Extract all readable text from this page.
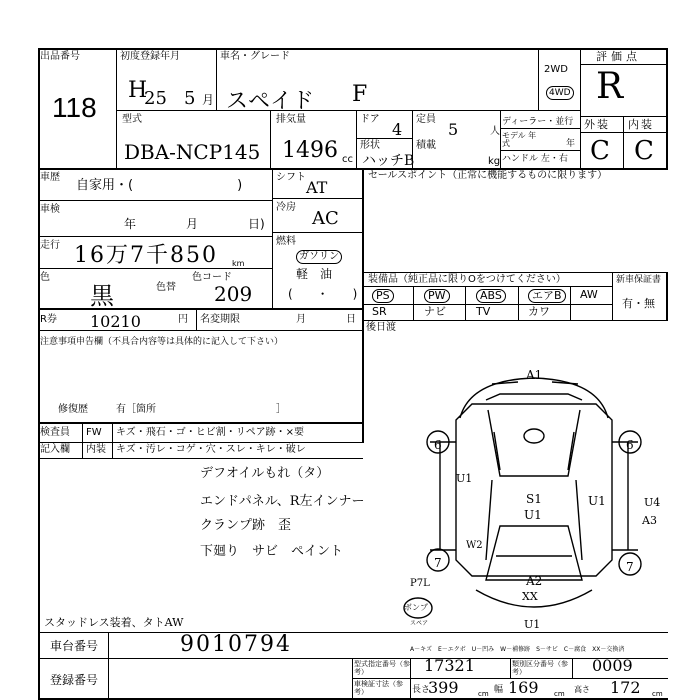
出品番号
118
初度登録年月
H
25 5 月
車名・グレード
スペイド F
2WD
4WD
評価点
R
型式
DBA-NCP145
排気量
1496 cc
ドア
4
定員
5	人
形状
ハッチB
積載
kg
ディーラー・並行
モデル 年式	年
ハンドル 左・右
外装 内装
C C
車歴
自家用・(　　　　　　　　)
車検
年	月	日)
走行 16万7千850 km
色
黒	色替
色コード
209
シフト
AT
冷房
AC
燃料
ガソリン
軽　油
(　　・　　)
R券 10210	円 名変期限	月	日
注意事項申告欄（不具合内容等は具体的に記入して下さい）
修復歴	有［箇所　　　　　　　　　　　　］
セールスポイント（正常に機能するものに限ります）
装備品（純正品に限りOをつけてください）	新車保証書
有・無
PS	PW	ABS	エアB	AW
SR	ナビ	TV	カワ
後日渡
検査員
記入欄
FW
内装
キズ・飛石・ゴ・ヒビ割・リペア跡・×要
キズ・汚レ・コゲ・穴・スレ・キレ・破レ
デフオイルもれ（タ）
エンドパネル、R左インナー
クランプ跡　歪
下廻り　サビ　ペイント
スタッドレス装着、タトAW
A1
6	6
7	7
U1
S1
U1
U1	U4
A3
W2
A2
XX
P7L
U1
ボンプ
スペア
A－キズ　E－エクボ　U－凹み　W－補修跡　S－サビ　C－腐食　XX－交換済
車台番号	9010794
登録番号
型式指定番号（参考）	17321	類別区分番号（参考）	0009
車検証寸法（参考）	長さ
399	cm 幅 169 cm 高さ 172 cm
